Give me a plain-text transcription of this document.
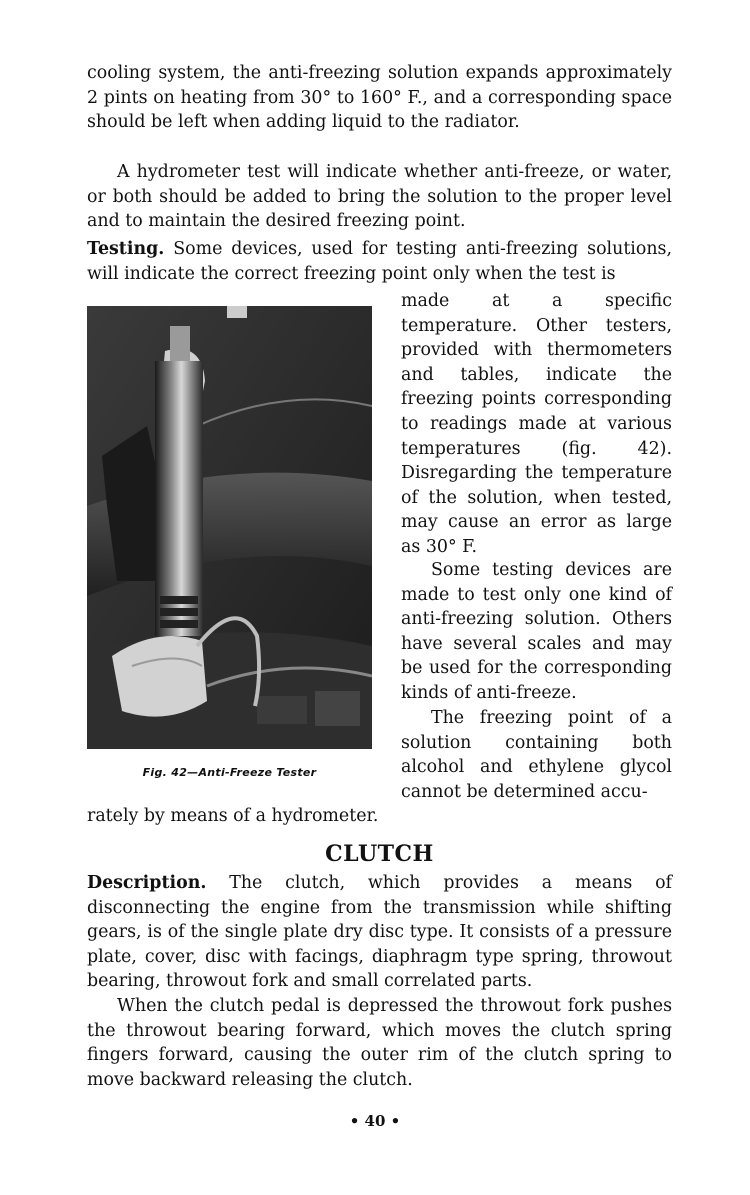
cooling system, the anti-freezing solution expands approximately 2 pints on heating from 30° to 160° F., and a corresponding space should be left when adding liquid to the radiator.

A hydrometer test will indicate whether anti-freeze, or water, or both should be added to bring the solution to the proper level and to maintain the desired freezing point.

Testing. Some devices, used for testing anti-freezing solutions, will indicate the correct freezing point only when the test is

made at a specific temperature. Other testers, provided with thermometers and tables, indicate the freezing points corresponding to readings made at various temperatures (fig. 42). Disregarding the temperature of the solution, when tested, may cause an error as large as 30° F.

Some testing devices are made to test only one kind of anti-freezing solution. Others have several scales and may be used for the corresponding kinds of anti-freeze.

The freezing point of a solution containing both alcohol and ethylene glycol cannot be determined accu-

rately by means of a hydrometer.

Fig. 42—Anti-Freeze Tester

CLUTCH

Description. The clutch, which provides a means of disconnecting the engine from the transmission while shifting gears, is of the single plate dry disc type. It consists of a pressure plate, cover, disc with facings, diaphragm type spring, throwout bearing, throwout fork and small correlated parts.

When the clutch pedal is depressed the throwout fork pushes the throwout bearing forward, which moves the clutch spring fingers forward, causing the outer rim of the clutch spring to move backward releasing the clutch.

• 40 •
